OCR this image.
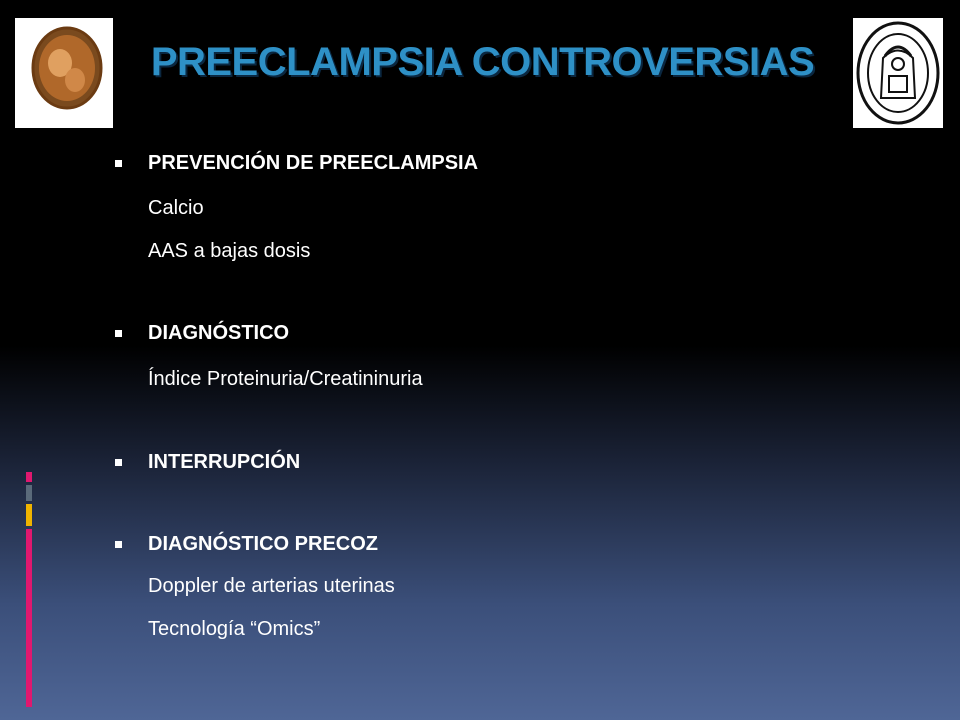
PREECLAMPSIA CONTROVERSIAS
PREVENCIÓN DE PREECLAMPSIA
Calcio
AAS a bajas dosis
DIAGNÓSTICO
Índice Proteinuria/Creatininuria
INTERRUPCIÓN
DIAGNÓSTICO PRECOZ
Doppler de arterias uterinas
Tecnología “Omics”
